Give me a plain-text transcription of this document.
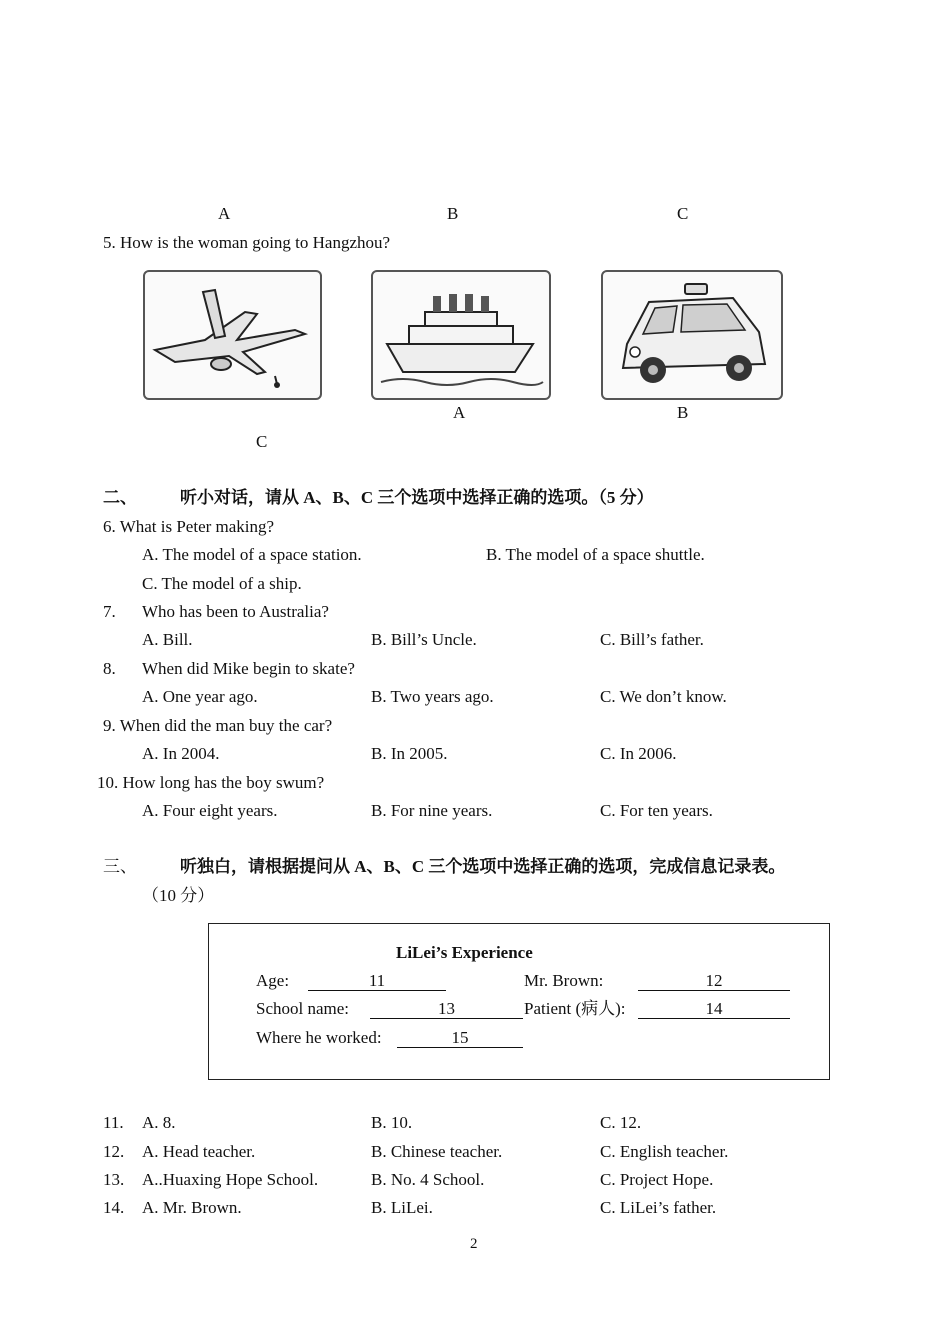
A	B	C
5. How is the woman going to Hangzhou?
A	B
C
二、	听小对话，请从 A、B、C 三个选项中选择正确的选项。（5 分）
6. What is Peter making?
A. The model of a space station.	B. The model of a space shuttle.
C. The model of a ship.
7. Who has been to Australia?
A. Bill.	B. Bill’s Uncle.	C. Bill’s father.
8. When did Mike begin to skate?
A. One year ago.	B. Two years ago.	C. We don’t know.
9. When did the man buy the car?
A. In 2004.	B. In 2005.	C. In 2006.
10. How long has the boy swum?
A. Four eight years.	B. For nine years.	C. For ten years.
三、	听独白，请根据提问从 A、B、C 三个选项中选择正确的选项，完成信息记录表。
（10 分）
LiLei’s Experience
Age:	11	Mr. Brown:	12
School name:	13	Patient (病人):	14
Where he worked:	15
11. A. 8.	B. 10.	C. 12.
12. A. Head teacher.	B. Chinese teacher.	C. English teacher.
13. A..Huaxing Hope School.	B. No. 4 School.	C. Project Hope.
14. A. Mr. Brown.	B. LiLei.	C. LiLei’s father.
2
